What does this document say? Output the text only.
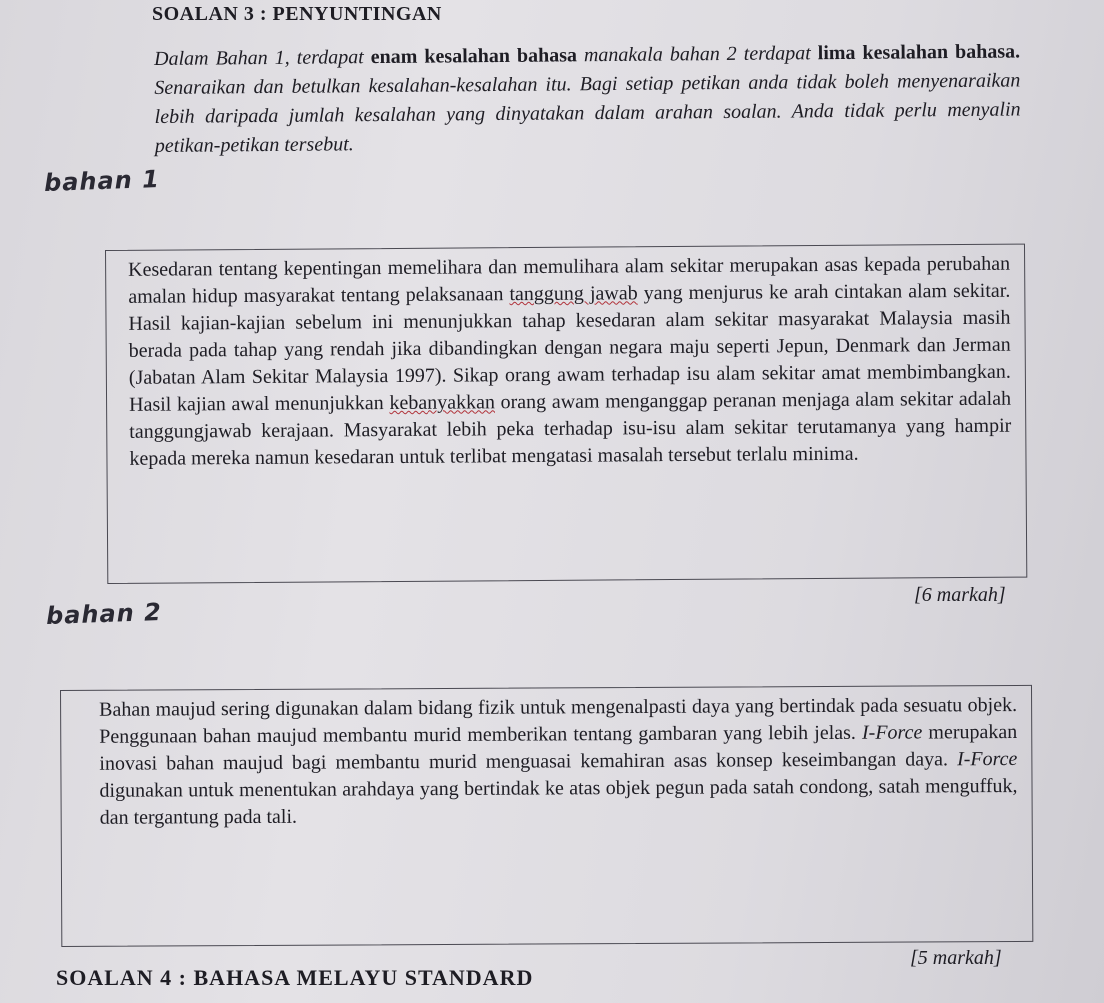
SOALAN 3 : PENYUNTINGAN
Dalam Bahan 1, terdapat enam kesalahan bahasa manakala bahan 2 terdapat lima kesalahan bahasa. Senaraikan dan betulkan kesalahan-kesalahan itu. Bagi setiap petikan anda tidak boleh menyenaraikan lebih daripada jumlah kesalahan yang dinyatakan dalam arahan soalan. Anda tidak perlu menyalin petikan-petikan tersebut.
bahan 1
Kesedaran tentang kepentingan memelihara dan memulihara alam sekitar merupakan asas kepada perubahan amalan hidup masyarakat tentang pelaksanaan tanggung jawab yang menjurus ke arah cintakan alam sekitar. Hasil kajian-kajian sebelum ini menunjukkan tahap kesedaran alam sekitar masyarakat Malaysia masih berada pada tahap yang rendah jika dibandingkan dengan negara maju seperti Jepun, Denmark dan Jerman (Jabatan Alam Sekitar Malaysia 1997). Sikap orang awam terhadap isu alam sekitar amat membimbangkan. Hasil kajian awal menunjukkan kebanyakkan orang awam menganggap peranan menjaga alam sekitar adalah tanggungjawab kerajaan. Masyarakat lebih peka terhadap isu-isu alam sekitar terutamanya yang hampir kepada mereka namun kesedaran untuk terlibat mengatasi masalah tersebut terlalu minima.
[6 markah]
bahan 2
Bahan maujud sering digunakan dalam bidang fizik untuk mengenalpasti daya yang bertindak pada sesuatu objek. Penggunaan bahan maujud membantu murid memberikan tentang gambaran yang lebih jelas. I-Force merupakan inovasi bahan maujud bagi membantu murid menguasai kemahiran asas konsep keseimbangan daya. I-Force digunakan untuk menentukan arahdaya yang bertindak ke atas objek pegun pada satah condong, satah menguffuk, dan tergantung pada tali.
[5 markah]
SOALAN 4 : BAHASA MELAYU STANDARD
